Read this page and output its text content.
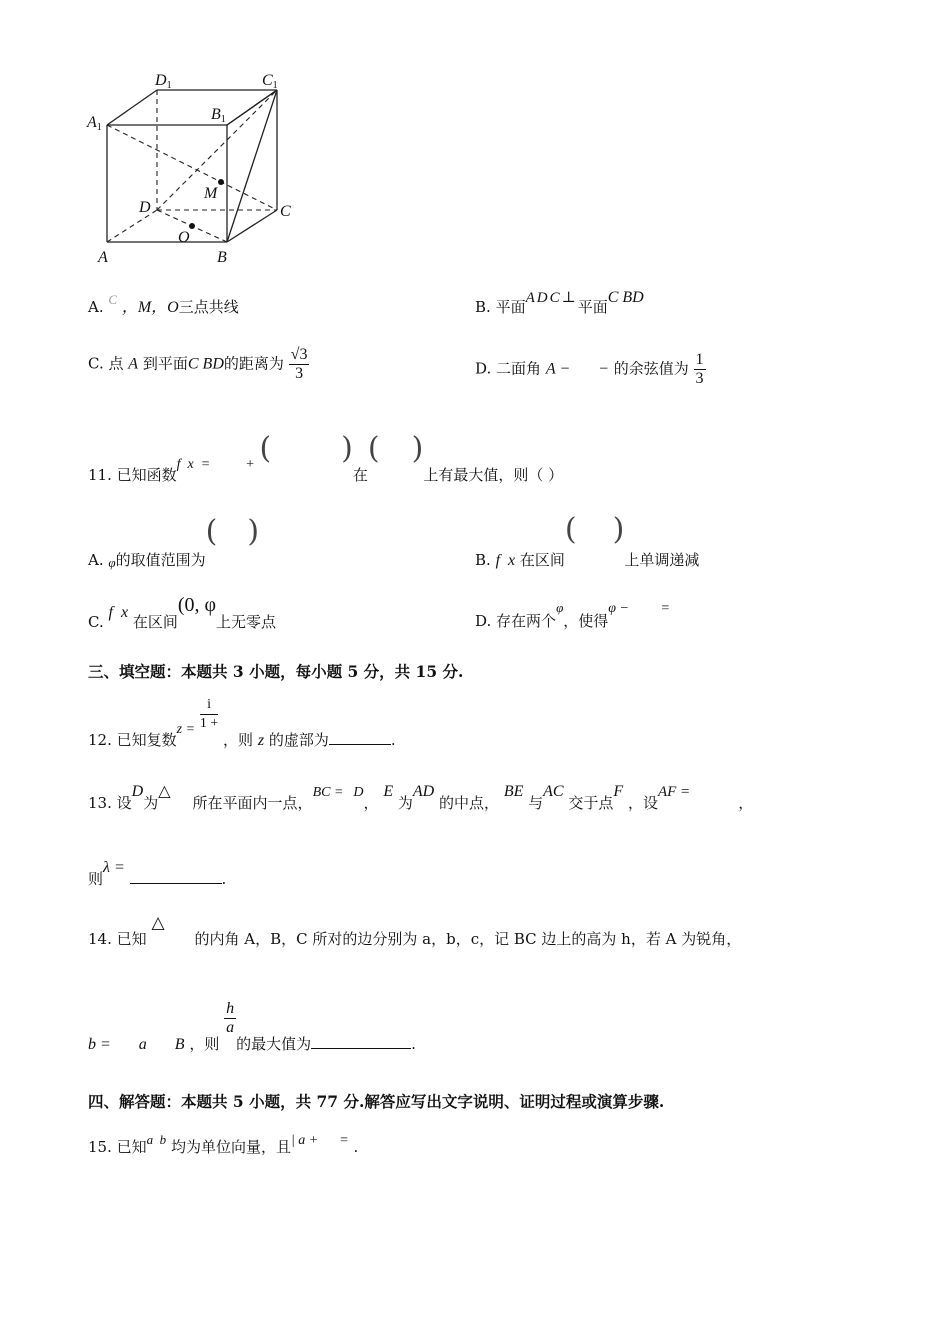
D1	C1
A1
B1
M
D	C
O
A	B
A. C ，M，O三点共线	B. 平面ADC⊥平面C BD
C. 点 A 到平面C BD的距离为 $\frac{√3}{3}$	D. 二面角 A −       − 的余弦值为 $\frac{1}{3}$
11. 已知函数f  x  =          + ( )在( )上有最大值，则（ ）
A. φ的取值范围为( )
B. f  x 在区间( )上单调递减
C. f  x 在区间(0, φ上无零点	D. 存在两个φ，使得φ −         =
三、填空题：本题共 3 小题，每小题 5 分，共 15 分.
12. 已知复数$z = \frac{i}{1 +}$
，则 z 的虚部为	.
13. 设D为△所在平面内一点，BC = D， E 为AD 的中点， BE 与AC 交于点F ，设AF =，
则λ = .
14. 已知 △的内角 A，B，C 所对的边分别为 a，b，c，记 BC 边上的高为 h，若 A 为锐角，
b =       a       B ，则
$\frac{h}{a}$
的最大值为	.
四、解答题：本题共 5 小题，共 77 分.解答应写出文字说明、证明过程或演算步骤.
15. 已知a  b 均为单位向量，且| a +      = .
